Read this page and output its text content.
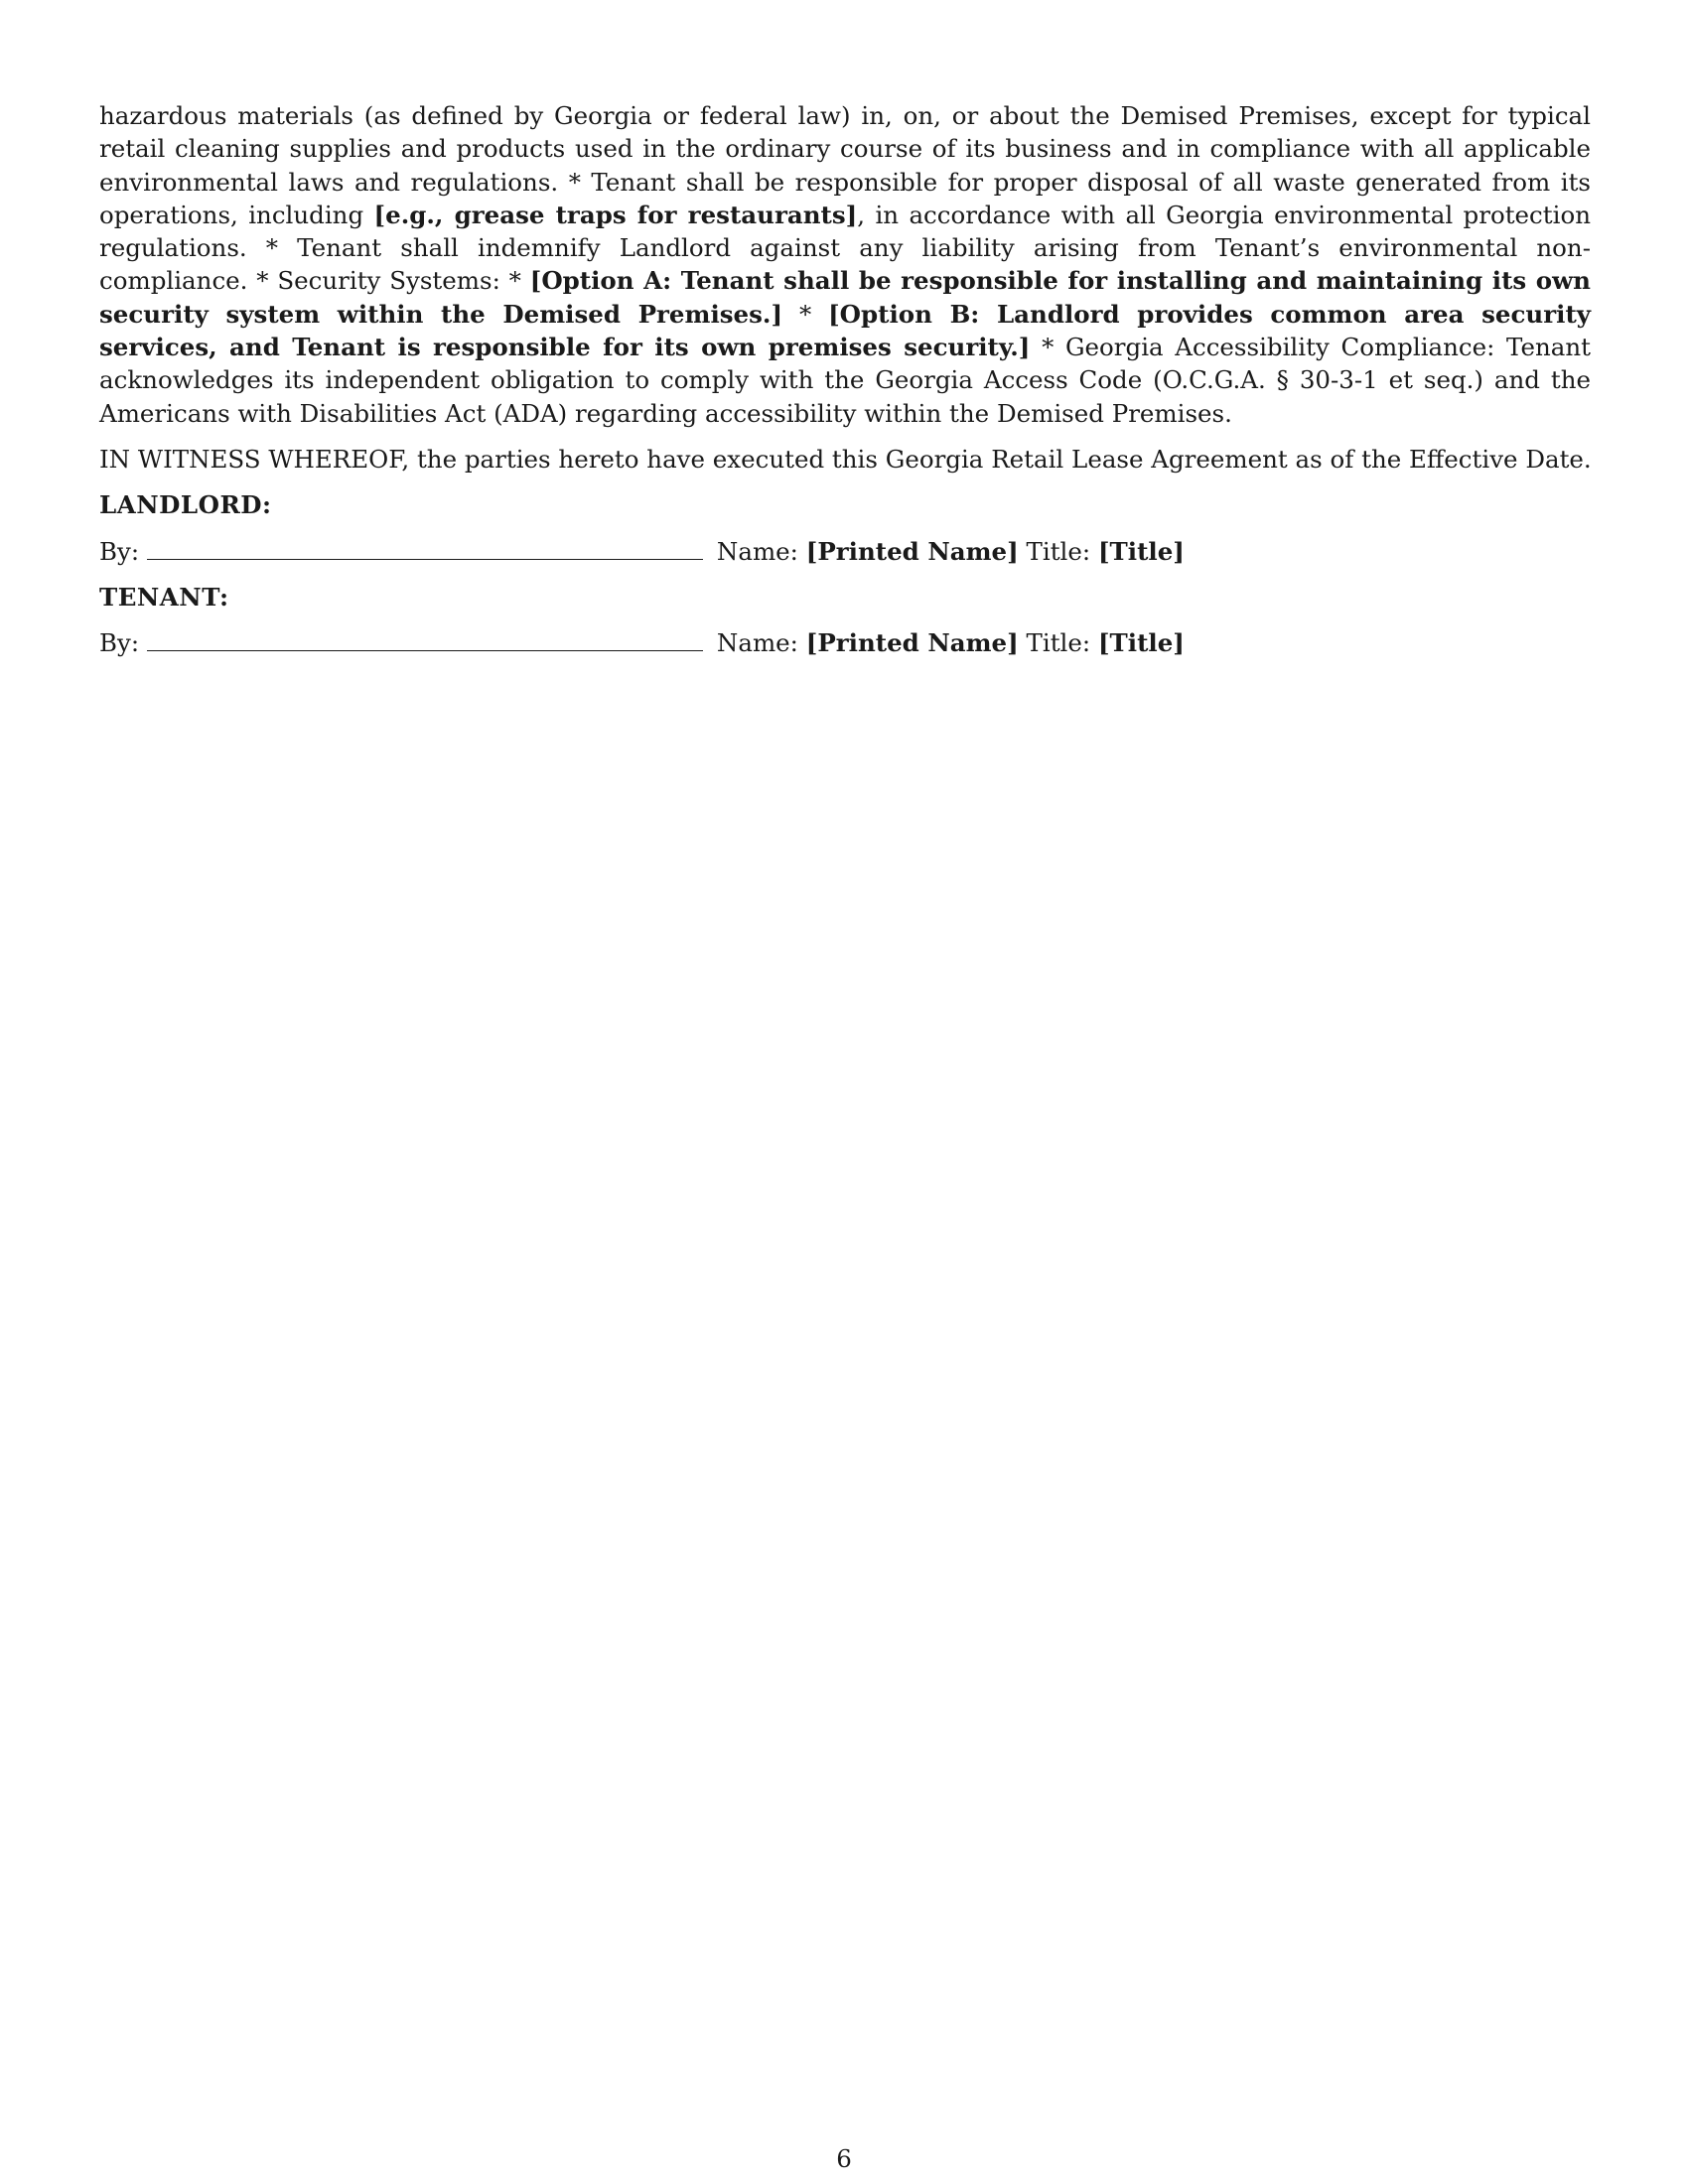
hazardous materials (as defined by Georgia or federal law) in, on, or about the Demised Premises, except for typical retail cleaning supplies and products used in the ordinary course of its business and in compliance with all applicable environmental laws and regulations. * Tenant shall be responsible for proper disposal of all waste generated from its operations, including [e.g., grease traps for restaurants], in accordance with all Georgia environmental protection regulations. * Tenant shall indemnify Landlord against any liability arising from Tenant’s environmental non-compliance. * Security Systems: * [Option A: Tenant shall be responsible for installing and maintaining its own security system within the Demised Premises.] * [Option B: Landlord provides common area security services, and Tenant is responsible for its own premises security.] * Georgia Accessibility Compliance: Tenant acknowledges its independent obligation to comply with the Georgia Access Code (O.C.G.A. § 30-3-1 et seq.) and the Americans with Disabilities Act (ADA) regarding accessibility within the Demised Premises.

IN WITNESS WHEREOF, the parties hereto have executed this Georgia Retail Lease Agreement as of the Effective Date.

LANDLORD:
By:	Name: [Printed Name] Title: [Title]
TENANT:
By:	Name: [Printed Name] Title: [Title]
6
